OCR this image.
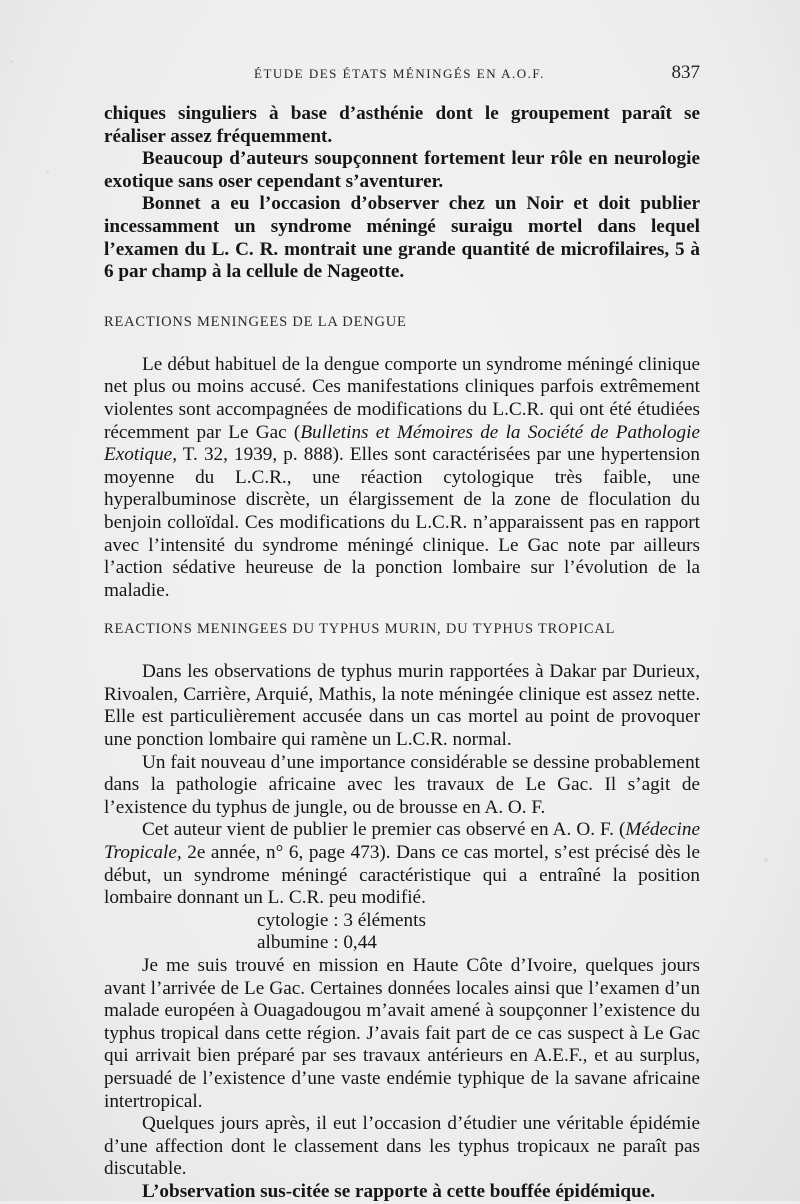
ÉTUDE DES ÉTATS MÉNINGÉS EN A.O.F.	837

chiques singuliers à base d’asthénie dont le groupement paraît se réaliser assez fréquemment.

Beaucoup d’auteurs soupçonnent fortement leur rôle en neurologie exotique sans oser cependant s’aventurer.

Bonnet a eu l’occasion d’observer chez un Noir et doit publier incessamment un syndrome méningé suraigu mortel dans lequel l’examen du L. C. R. montrait une grande quantité de microfilaires, 5 à 6 par champ à la cellule de Nageotte.

REACTIONS MENINGEES DE LA DENGUE

Le début habituel de la dengue comporte un syndrome méningé clinique net plus ou moins accusé. Ces manifestations cliniques parfois extrêmement violentes sont accompagnées de modifications du L.C.R. qui ont été étudiées récemment par Le Gac (Bulletins et Mémoires de la Société de Pathologie Exotique, T. 32, 1939, p. 888). Elles sont caractérisées par une hypertension moyenne du L.C.R., une réaction cytologique très faible, une hyperalbuminose discrète, un élargissement de la zone de floculation du benjoin colloïdal. Ces modifications du L.C.R. n’apparaissent pas en rapport avec l’intensité du syndrome méningé clinique. Le Gac note par ailleurs l’action sédative heureuse de la ponction lombaire sur l’évolution de la maladie.

REACTIONS MENINGEES DU TYPHUS MURIN, DU TYPHUS TROPICAL

Dans les observations de typhus murin rapportées à Dakar par Durieux, Rivoalen, Carrière, Arquié, Mathis, la note méningée clinique est assez nette. Elle est particulièrement accusée dans un cas mortel au point de provoquer une ponction lombaire qui ramène un L.C.R. normal.

Un fait nouveau d’une importance considérable se dessine probablement dans la pathologie africaine avec les travaux de Le Gac. Il s’agit de l’existence du typhus de jungle, ou de brousse en A. O. F.

Cet auteur vient de publier le premier cas observé en A. O. F. (Médecine Tropicale, 2e année, n° 6, page 473). Dans ce cas mortel, s’est précisé dès le début, un syndrome méningé caractéristique qui a entraîné la position lombaire donnant un L. C.R. peu modifié.

cytologie : 3 éléments
albumine : 0,44

Je me suis trouvé en mission en Haute Côte d’Ivoire, quelques jours avant l’arrivée de Le Gac. Certaines données locales ainsi que l’examen d’un malade européen à Ouagadougou m’avait amené à soupçonner l’existence du typhus tropical dans cette région. J’avais fait part de ce cas suspect à Le Gac qui arrivait bien préparé par ses travaux antérieurs en A.E.F., et au surplus, persuadé de l’existence d’une vaste endémie typhique de la savane africaine intertropical.

Quelques jours après, il eut l’occasion d’étudier une véritable épidémie d’une affection dont le classement dans les typhus tropicaux ne paraît pas discutable.

L’observation sus-citée se rapporte à cette bouffée épidémique.
